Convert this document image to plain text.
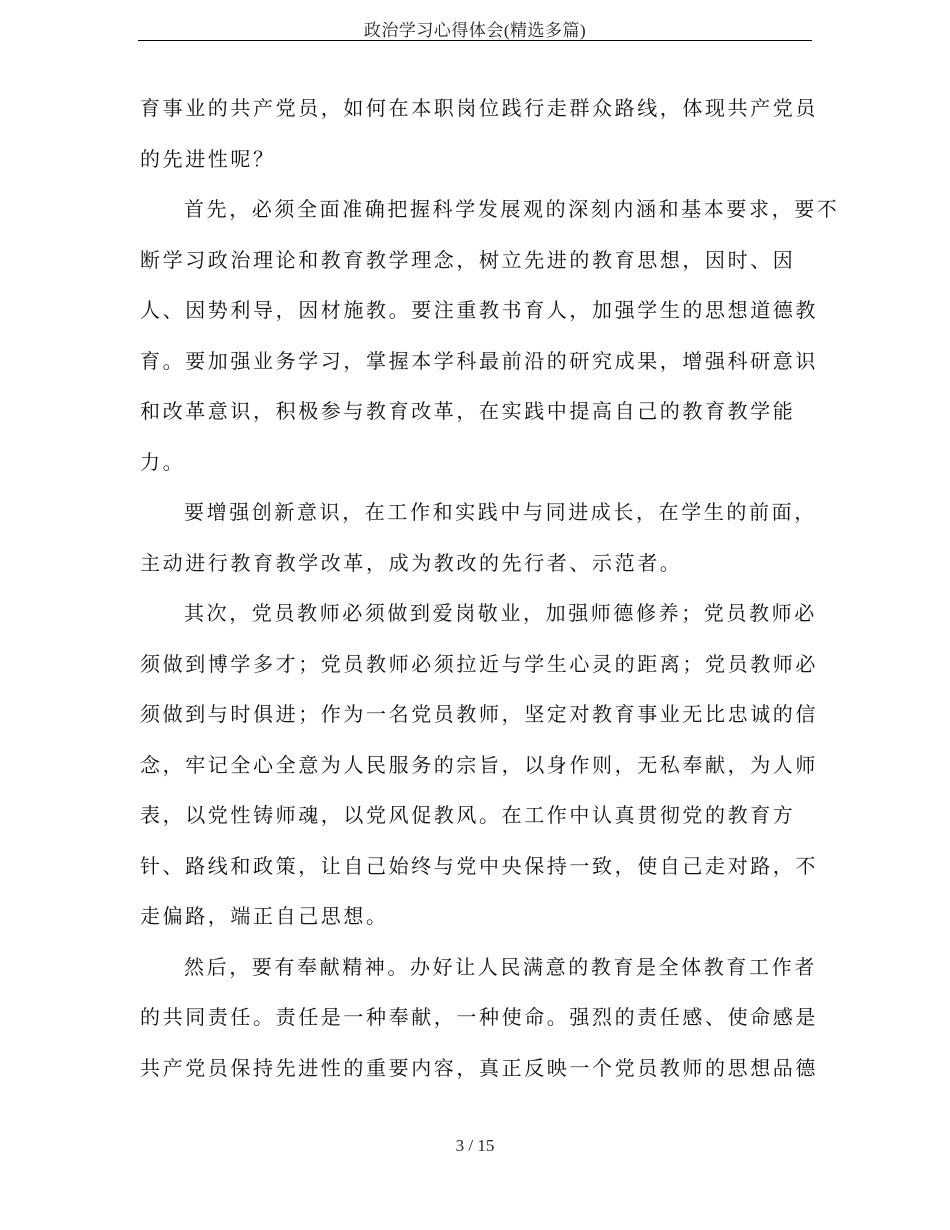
政治学习心得体会(精选多篇)
育事业的共产党员，如何在本职岗位践行走群众路线，体现共产党员
的先进性呢？
首先，必须全面准确把握科学发展观的深刻内涵和基本要求，要不
断学习政治理论和教育教学理念，树立先进的教育思想，因时、因
人、因势利导，因材施教。要注重教书育人，加强学生的思想道德教
育。要加强业务学习，掌握本学科最前沿的研究成果，增强科研意识
和改革意识，积极参与教育改革，在实践中提高自己的教育教学能
力。
要增强创新意识，在工作和实践中与同进成长，在学生的前面，
主动进行教育教学改革，成为教改的先行者、示范者。
其次，党员教师必须做到爱岗敬业，加强师德修养；党员教师必
须做到博学多才；党员教师必须拉近与学生心灵的距离；党员教师必
须做到与时俱进；作为一名党员教师，坚定对教育事业无比忠诚的信
念，牢记全心全意为人民服务的宗旨，以身作则，无私奉献，为人师
表，以党性铸师魂，以党风促教风。在工作中认真贯彻党的教育方
针、路线和政策，让自己始终与党中央保持一致，使自己走对路，不
走偏路，端正自己思想。
然后，要有奉献精神。办好让人民满意的教育是全体教育工作者
的共同责任。责任是一种奉献，一种使命。强烈的责任感、使命感是
共产党员保持先进性的重要内容，真正反映一个党员教师的思想品德
3 / 15
